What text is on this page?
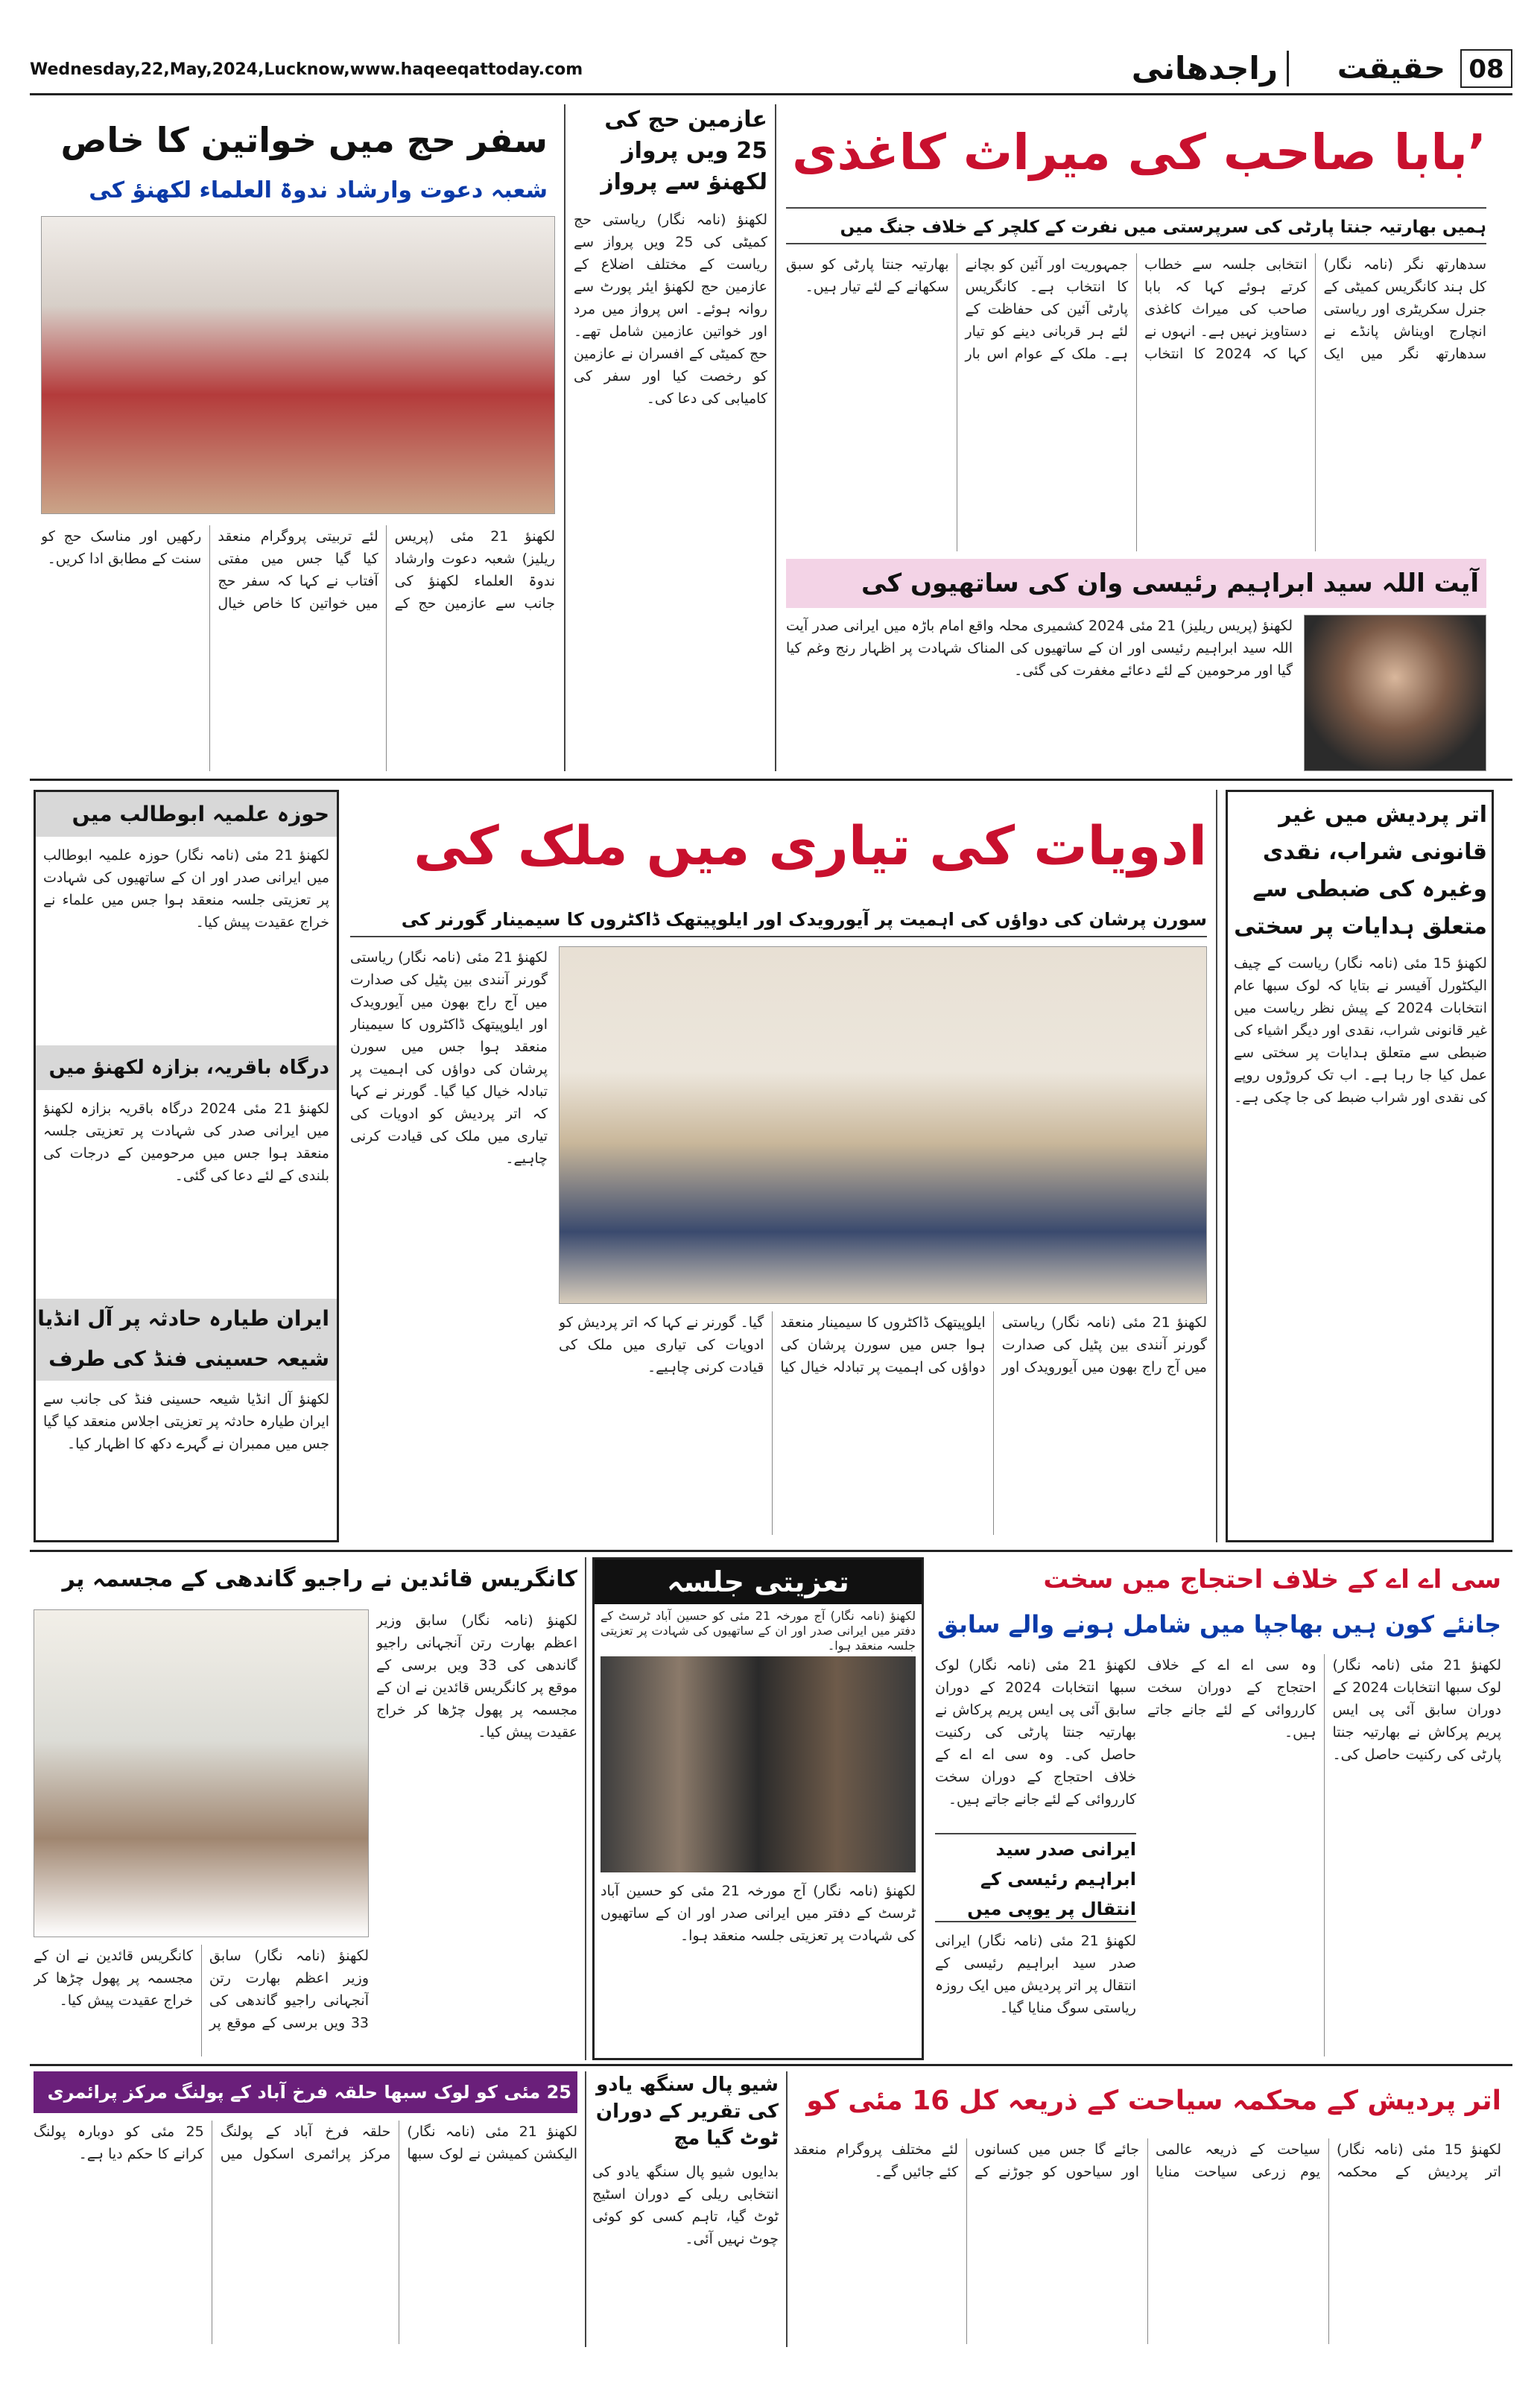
08
حقیقت
راجدھانی
Wednesday,22,May,2024,Lucknow,www.haqeeqattoday.com
سفر حج میں خواتین کا خاص
شعبہ دعوت وارشاد ندوۃ العلماء لکھنؤ کی
لکھنؤ 21 مئی (پریس ریلیز) شعبہ دعوت وارشاد ندوۃ العلماء لکھنؤ کی جانب سے عازمین حج کے لئے تربیتی پروگرام منعقد کیا گیا جس میں مفتی آفتاب نے کہا کہ سفر حج میں خواتین کا خاص خیال رکھیں اور مناسک حج کو سنت کے مطابق ادا کریں۔
عازمین حج کی 25 ویں پرواز لکھنؤ سے پرواز
لکھنؤ (نامہ نگار) ریاستی حج کمیٹی کی 25 ویں پرواز سے ریاست کے مختلف اضلاع کے عازمین حج لکھنؤ ایئر پورٹ سے روانہ ہوئے۔ اس پرواز میں مرد اور خواتین عازمین شامل تھے۔ حج کمیٹی کے افسران نے عازمین کو رخصت کیا اور سفر کی کامیابی کی دعا کی۔
’بابا صاحب کی میراث کاغذی
ہمیں بھارتیہ جنتا پارٹی کی سرپرستی میں نفرت کے کلچر کے خلاف جنگ میں
سدھارتھ نگر (نامہ نگار) کل ہند کانگریس کمیٹی کے جنرل سکریٹری اور ریاستی انچارج اویناش پانڈے نے سدھارتھ نگر میں ایک انتخابی جلسہ سے خطاب کرتے ہوئے کہا کہ بابا صاحب کی میراث کاغذی دستاویز نہیں ہے۔ انہوں نے کہا کہ 2024 کا انتخاب جمہوریت اور آئین کو بچانے کا انتخاب ہے۔ کانگریس پارٹی آئین کی حفاظت کے لئے ہر قربانی دینے کو تیار ہے۔ ملک کے عوام اس بار بھارتیہ جنتا پارٹی کو سبق سکھانے کے لئے تیار ہیں۔
آیت اللہ سید ابراہیم رئیسی وان کی ساتھیوں کی
لکھنؤ (پریس ریلیز) 21 مئی 2024 کشمیری محلہ واقع امام باڑہ میں ایرانی صدر آیت اللہ سید ابراہیم رئیسی اور ان کے ساتھیوں کی المناک شہادت پر اظہار رنج وغم کیا گیا اور مرحومین کے لئے دعائے مغفرت کی گئی۔
حوزہ علمیہ ابوطالب میں
لکھنؤ 21 مئی (نامہ نگار) حوزہ علمیہ ابوطالب میں ایرانی صدر اور ان کے ساتھیوں کی شہادت پر تعزیتی جلسہ منعقد ہوا جس میں علماء نے خراج عقیدت پیش کیا۔
درگاہ باقریہ، بزازہ لکھنؤ میں
لکھنؤ 21 مئی 2024 درگاہ باقریہ بزازہ لکھنؤ میں ایرانی صدر کی شہادت پر تعزیتی جلسہ منعقد ہوا جس میں مرحومین کے درجات کی بلندی کے لئے دعا کی گئی۔
ایران طیارہ حادثہ پر آل انڈیا شیعہ حسینی فنڈ کی طرف
لکھنؤ آل انڈیا شیعہ حسینی فنڈ کی جانب سے ایران طیارہ حادثہ پر تعزیتی اجلاس منعقد کیا گیا جس میں ممبران نے گہرے دکھ کا اظہار کیا۔
ادویات کی تیاری میں ملک کی
سورن پرشان کی دواؤں کی اہمیت پر آیورویدک اور ایلوپیتھک ڈاکٹروں کا سیمینار گورنر کی
لکھنؤ 21 مئی (نامہ نگار) ریاستی گورنر آنندی بین پٹیل کی صدارت میں آج راج بھون میں آیورویدک اور ایلوپیتھک ڈاکٹروں کا سیمینار منعقد ہوا جس میں سورن پرشان کی دواؤں کی اہمیت پر تبادلہ خیال کیا گیا۔ گورنر نے کہا کہ اتر پردیش کو ادویات کی تیاری میں ملک کی قیادت کرنی چاہیے۔
لکھنؤ 21 مئی (نامہ نگار) ریاستی گورنر آنندی بین پٹیل کی صدارت میں آج راج بھون میں آیورویدک اور ایلوپیتھک ڈاکٹروں کا سیمینار منعقد ہوا جس میں سورن پرشان کی دواؤں کی اہمیت پر تبادلہ خیال کیا گیا۔ گورنر نے کہا کہ اتر پردیش کو ادویات کی تیاری میں ملک کی قیادت کرنی چاہیے۔
اتر پردیش میں غیر قانونی شراب، نقدی وغیرہ کی ضبطی سے متعلق ہدایات پر سختی
لکھنؤ 15 مئی (نامہ نگار) ریاست کے چیف الیکٹورل آفیسر نے بتایا کہ لوک سبھا عام انتخابات 2024 کے پیش نظر ریاست میں غیر قانونی شراب، نقدی اور دیگر اشیاء کی ضبطی سے متعلق ہدایات پر سختی سے عمل کیا جا رہا ہے۔ اب تک کروڑوں روپے کی نقدی اور شراب ضبط کی جا چکی ہے۔
کانگریس قائدین نے راجیو گاندھی کے مجسمہ پر
لکھنؤ (نامہ نگار) سابق وزیر اعظم بھارت رتن آنجہانی راجیو گاندھی کی 33 ویں برسی کے موقع پر کانگریس قائدین نے ان کے مجسمہ پر پھول چڑھا کر خراج عقیدت پیش کیا۔
لکھنؤ (نامہ نگار) سابق وزیر اعظم بھارت رتن آنجہانی راجیو گاندھی کی 33 ویں برسی کے موقع پر کانگریس قائدین نے ان کے مجسمہ پر پھول چڑھا کر خراج عقیدت پیش کیا۔
تعزیتی جلسہ
لکھنؤ (نامہ نگار) آج مورخہ 21 مئی کو حسین آباد ٹرسٹ کے دفتر میں ایرانی صدر اور ان کے ساتھیوں کی شہادت پر تعزیتی جلسہ منعقد ہوا۔
لکھنؤ (نامہ نگار) آج مورخہ 21 مئی کو حسین آباد ٹرسٹ کے دفتر میں ایرانی صدر اور ان کے ساتھیوں کی شہادت پر تعزیتی جلسہ منعقد ہوا۔
سی اے اے کے خلاف احتجاج میں سخت
جانئے کون ہیں بھاجپا میں شامل ہونے والے سابق
لکھنؤ 21 مئی (نامہ نگار) لوک سبھا انتخابات 2024 کے دوران سابق آئی پی ایس پریم پرکاش نے بھارتیہ جنتا پارٹی کی رکنیت حاصل کی۔ وہ سی اے اے کے خلاف احتجاج کے دوران سخت کارروائی کے لئے جانے جاتے ہیں۔
لکھنؤ 21 مئی (نامہ نگار) لوک سبھا انتخابات 2024 کے دوران سابق آئی پی ایس پریم پرکاش نے بھارتیہ جنتا پارٹی کی رکنیت حاصل کی۔ وہ سی اے اے کے خلاف احتجاج کے دوران سخت کارروائی کے لئے جانے جاتے ہیں۔
ایرانی صدر سید ابراہیم رئیسی کے انتقال پر یوپی میں
لکھنؤ 21 مئی (نامہ نگار) ایرانی صدر سید ابراہیم رئیسی کے انتقال پر اتر پردیش میں ایک روزہ ریاستی سوگ منایا گیا۔
25 مئی کو لوک سبھا حلقہ فرخ آباد کے پولنگ مرکز پرائمری
لکھنؤ 21 مئی (نامہ نگار) الیکشن کمیشن نے لوک سبھا حلقہ فرخ آباد کے پولنگ مرکز پرائمری اسکول میں 25 مئی کو دوبارہ پولنگ کرانے کا حکم دیا ہے۔
شیو پال سنگھ یادو کی تقریر کے دوران ٹوٹ گیا مچ
بدایوں شیو پال سنگھ یادو کی انتخابی ریلی کے دوران اسٹیج ٹوٹ گیا، تاہم کسی کو کوئی چوٹ نہیں آئی۔
اتر پردیش کے محکمہ سیاحت کے ذریعہ کل 16 مئی کو
لکھنؤ 15 مئی (نامہ نگار) اتر پردیش کے محکمہ سیاحت کے ذریعہ عالمی یوم زرعی سیاحت منایا جائے گا جس میں کسانوں اور سیاحوں کو جوڑنے کے لئے مختلف پروگرام منعقد کئے جائیں گے۔
